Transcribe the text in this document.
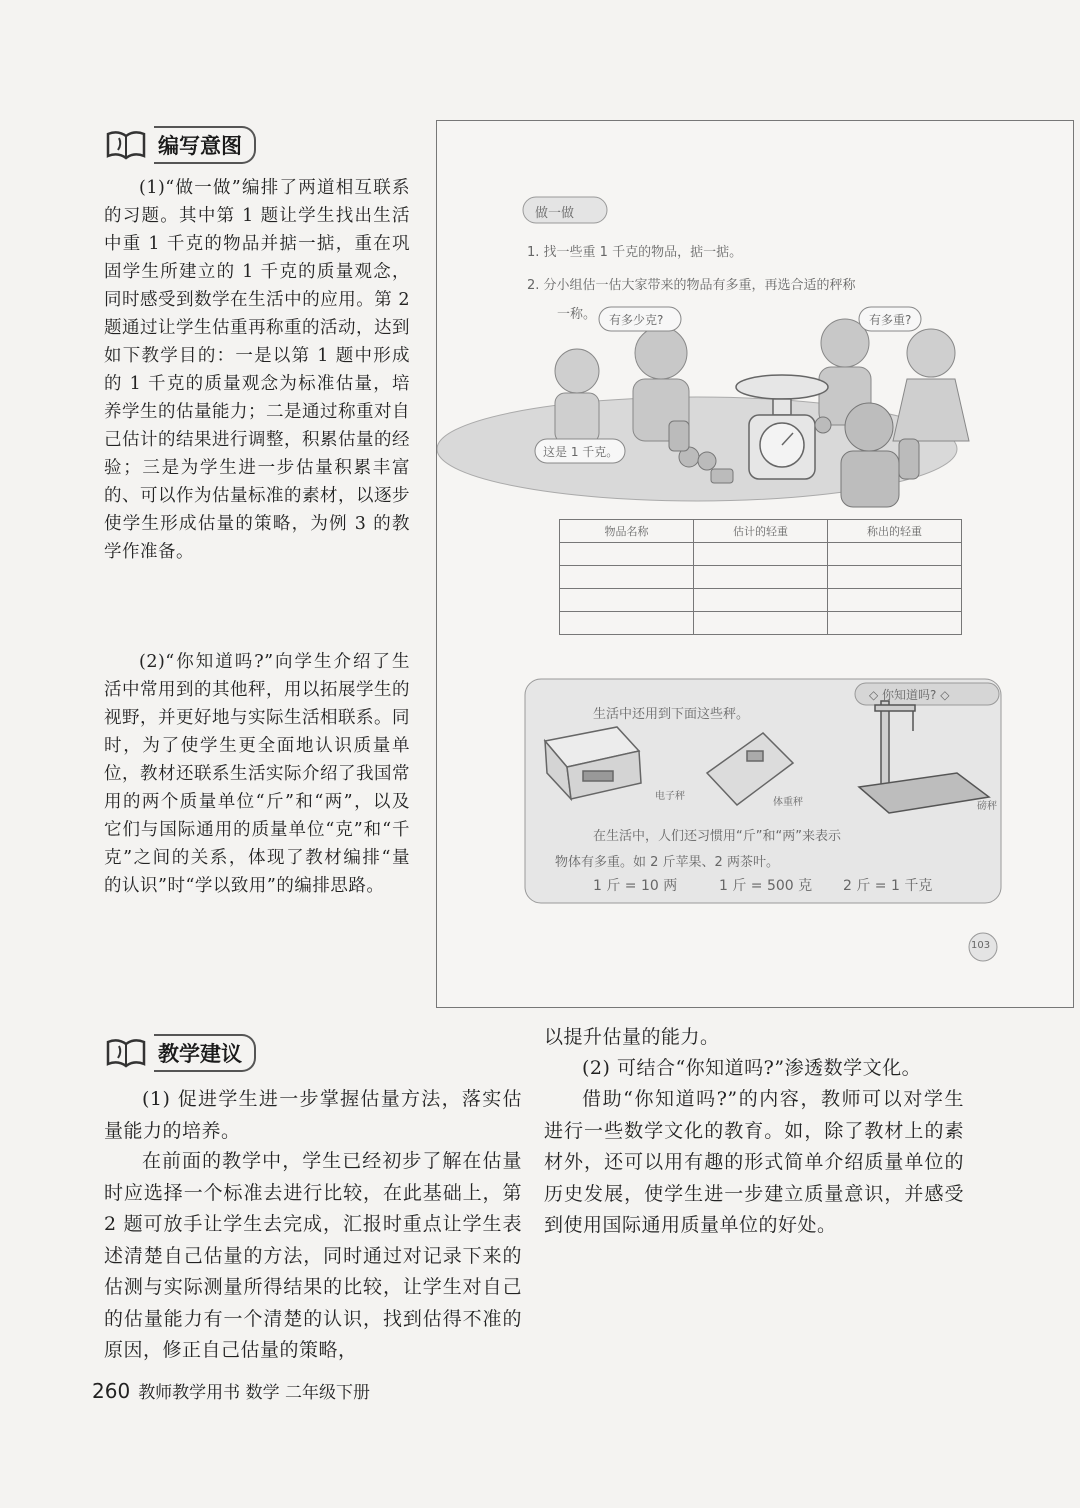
编写意图

(1)“做一做”编排了两道相互联系的习题。其中第 1 题让学生找出生活中重 1 千克的物品并掂一掂，重在巩固学生所建立的 1 千克的质量观念，同时感受到数学在生活中的应用。第 2 题通过让学生估重再称重的活动，达到如下教学目的：一是以第 1 题中形成的 1 千克的质量观念为标准估量，培养学生的估量能力；二是通过称重对自己估计的结果进行调整，积累估量的经验；三是为学生进一步估量积累丰富的、可以作为估量标准的素材，以逐步使学生形成估量的策略，为例 3 的教学作准备。

(2)“你知道吗?”向学生介绍了生活中常用到的其他秤，用以拓展学生的视野，并更好地与实际生活相联系。同时，为了使学生更全面地认识质量单位，教材还联系生活实际介绍了我国常用的两个质量单位“斤”和“两”，以及它们与国际通用的质量单位“克”和“千克”之间的关系，体现了教材编排“量的认识”时“学以致用”的编排思路。

做一做
1. 找一些重 1 千克的物品，掂一掂。
2. 分小组估一估大家带来的物品有多重，再选合适的秤称
一称。 有多少克?	有多重?
这是 1 千克。
物品名称	估计的轻重	称出的轻重

◇ 你知道吗? ◇
生活中还用到下面这些秤。
电子秤
体重秤	磅秤
在生活中，人们还习惯用“斤”和“两”来表示
物体有多重。如 2 斤苹果、2 两茶叶。
1 斤 = 10 两	1 斤 = 500 克 2 斤 = 1 千克
103
教学建议

(1) 促进学生进一步掌握估量方法，落实估量能力的培养。

在前面的教学中，学生已经初步了解在估量时应选择一个标准去进行比较，在此基础上，第 2 题可放手让学生去完成，汇报时重点让学生表述清楚自己估量的方法，同时通过对记录下来的估测与实际测量所得结果的比较，让学生对自己的估量能力有一个清楚的认识，找到估得不准的原因，修正自己估量的策略，

以提升估量的能力。

(2) 可结合“你知道吗?”渗透数学文化。

借助“你知道吗?”的内容，教师可以对学生进行一些数学文化的教育。如，除了教材上的素材外，还可以用有趣的形式简单介绍质量单位的历史发展，使学生进一步建立质量意识，并感受到使用国际通用质量单位的好处。

260 教师教学用书 数学 二年级下册
